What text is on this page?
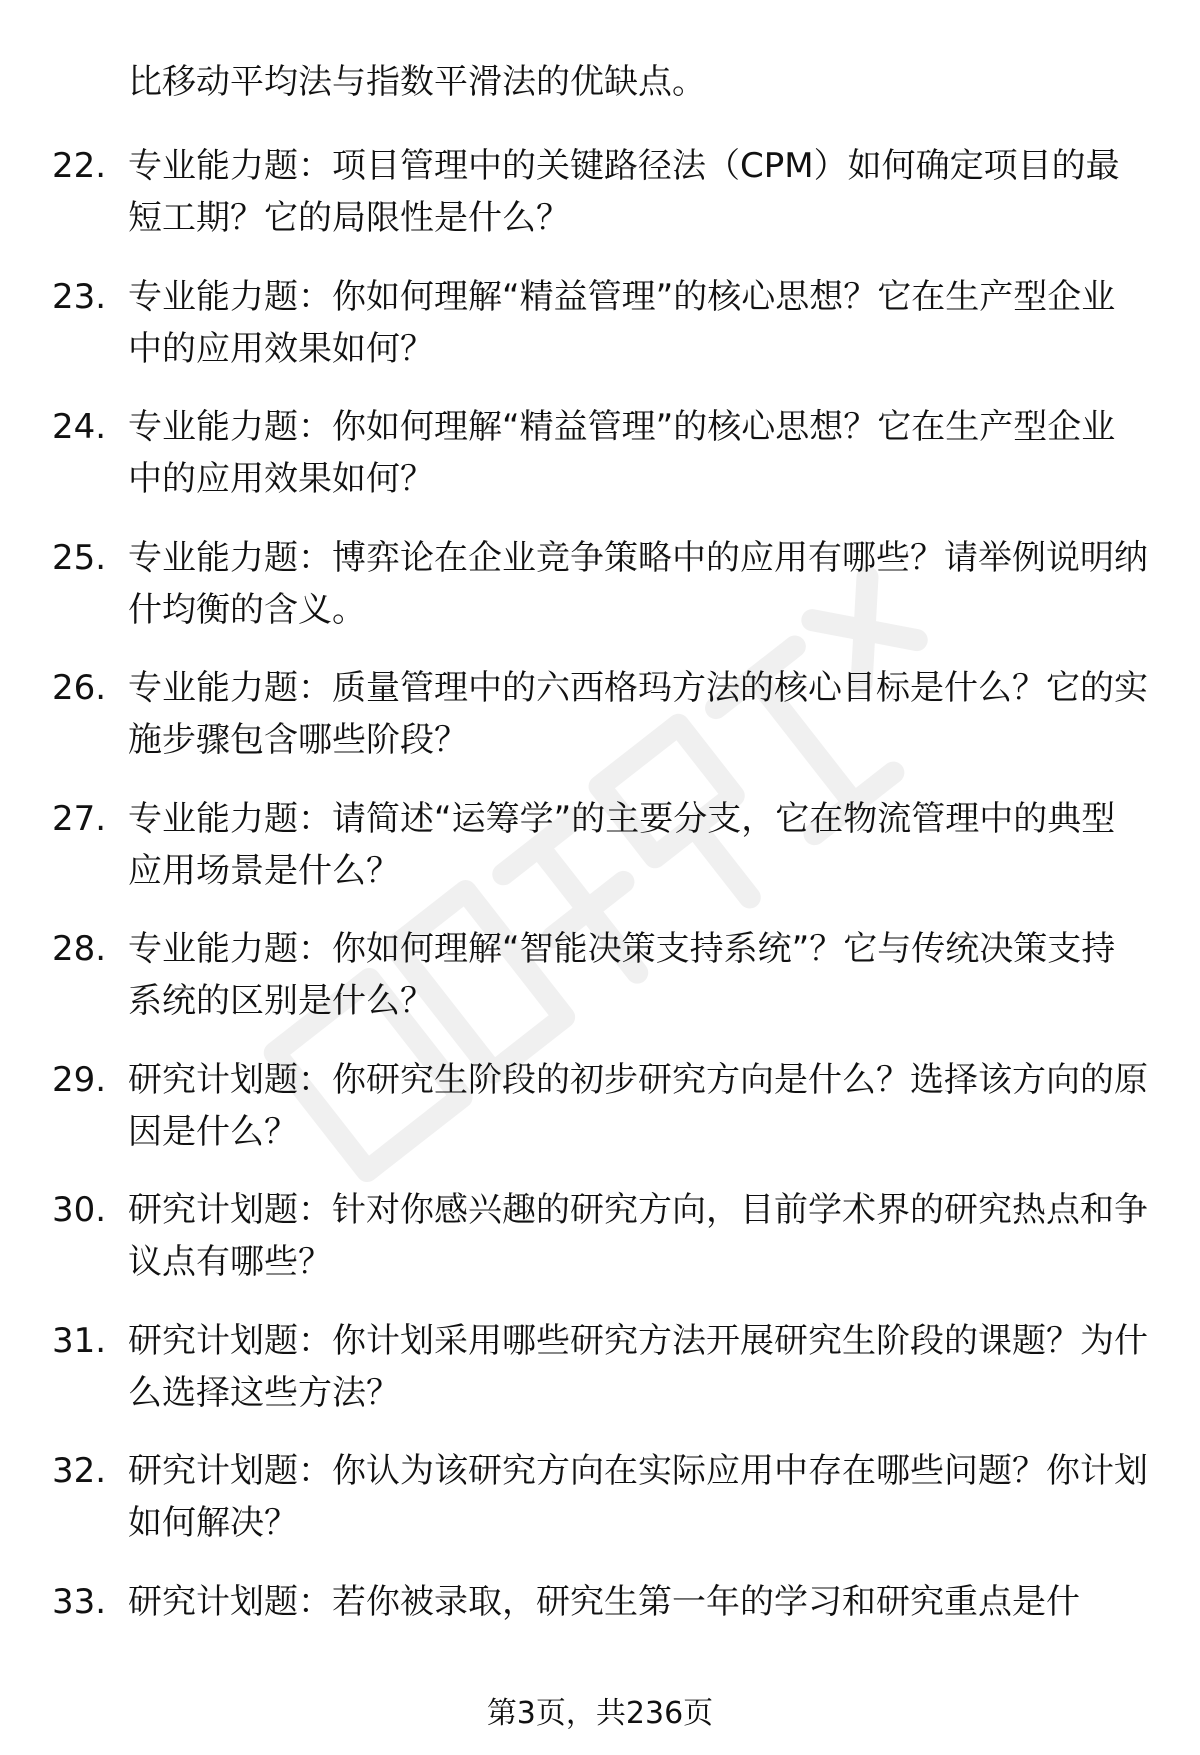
比移动平均法与指数平滑法的优缺点。
22. 专业能力题：项目管理中的关键路径法（CPM）如何确定项目的最短工期？它的局限性是什么？
23. 专业能力题：你如何理解“精益管理”的核心思想？它在生产型企业中的应用效果如何？
24. 专业能力题：你如何理解“精益管理”的核心思想？它在生产型企业中的应用效果如何？
25. 专业能力题：博弈论在企业竞争策略中的应用有哪些？请举例说明纳什均衡的含义。
26. 专业能力题：质量管理中的六西格玛方法的核心目标是什么？它的实施步骤包含哪些阶段？
27. 专业能力题：请简述“运筹学”的主要分支，它在物流管理中的典型应用场景是什么？
28. 专业能力题：你如何理解“智能决策支持系统”？它与传统决策支持系统的区别是什么？
29. 研究计划题：你研究生阶段的初步研究方向是什么？选择该方向的原因是什么？
30. 研究计划题：针对你感兴趣的研究方向，目前学术界的研究热点和争议点有哪些？
31. 研究计划题：你计划采用哪些研究方法开展研究生阶段的课题？为什么选择这些方法？
32. 研究计划题：你认为该研究方向在实际应用中存在哪些问题？你计划如何解决？
33. 研究计划题：若你被录取，研究生第一年的学习和研究重点是什
第3页，共236页
